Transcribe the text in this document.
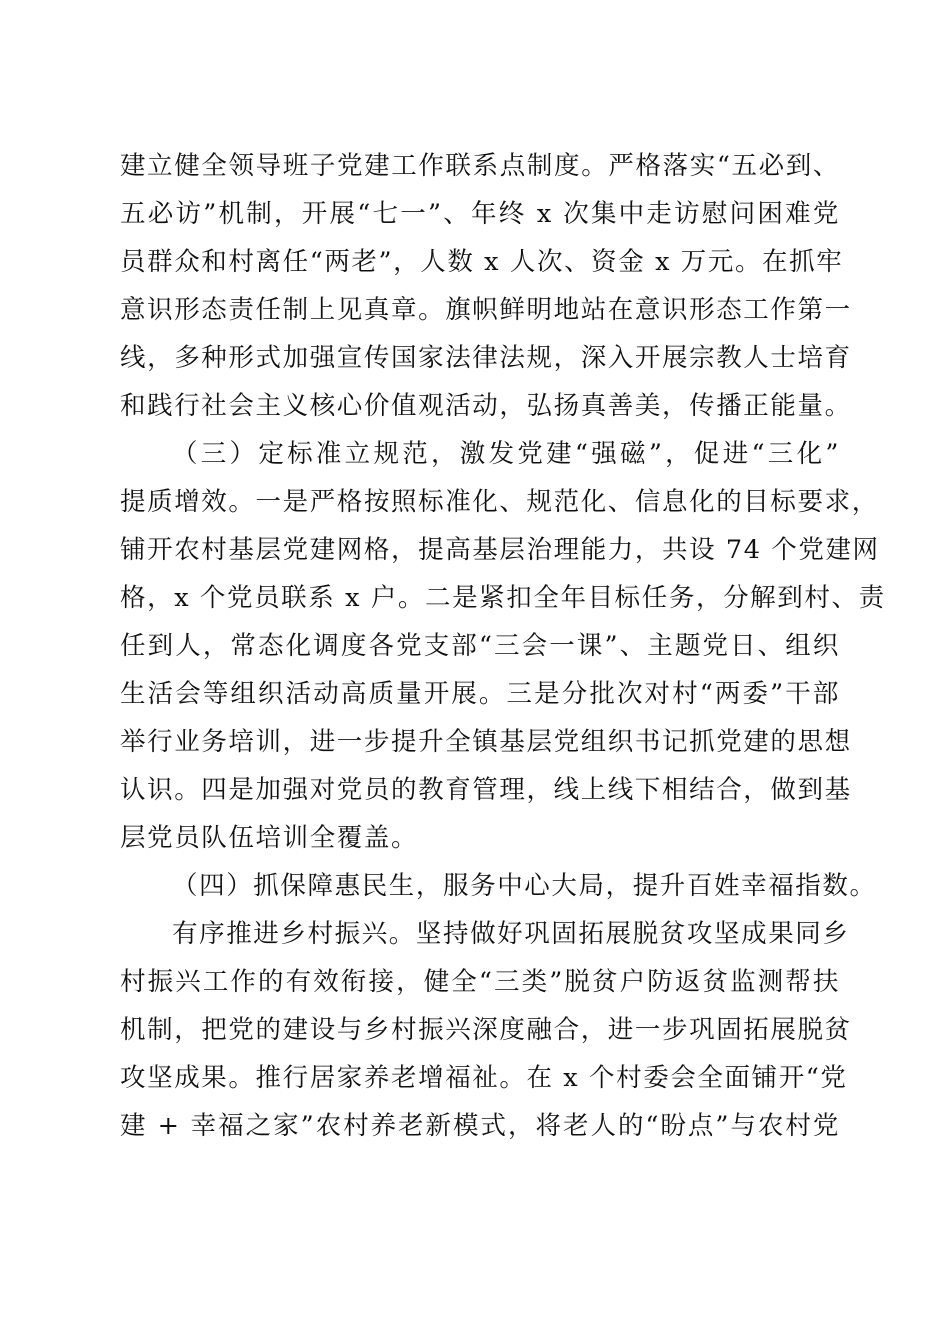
建立健全领导班子党建工作联系点制度。严格落实“五必到、
五必访”机制，开展“七一”、年终 x 次集中走访慰问困难党
员群众和村离任“两老”，人数 x 人次、资金 x 万元。在抓牢
意识形态责任制上见真章。旗帜鲜明地站在意识形态工作第一
线，多种形式加强宣传国家法律法规，深入开展宗教人士培育
和践行社会主义核心价值观活动，弘扬真善美，传播正能量。
（三）定标准立规范，激发党建“强磁”，促进“三化”
提质增效。一是严格按照标准化、规范化、信息化的目标要求，
铺开农村基层党建网格，提高基层治理能力，共设 74 个党建网
格，x 个党员联系 x 户。二是紧扣全年目标任务，分解到村、责
任到人，常态化调度各党支部“三会一课”、主题党日、组织
生活会等组织活动高质量开展。三是分批次对村“两委”干部
举行业务培训，进一步提升全镇基层党组织书记抓党建的思想
认识。四是加强对党员的教育管理，线上线下相结合，做到基
层党员队伍培训全覆盖。
（四）抓保障惠民生，服务中心大局，提升百姓幸福指数。
有序推进乡村振兴。坚持做好巩固拓展脱贫攻坚成果同乡
村振兴工作的有效衔接，健全“三类”脱贫户防返贫监测帮扶
机制，把党的建设与乡村振兴深度融合，进一步巩固拓展脱贫
攻坚成果。推行居家养老增福祉。在 x 个村委会全面铺开“党
建 + 幸福之家”农村养老新模式，将老人的“盼点”与农村党
